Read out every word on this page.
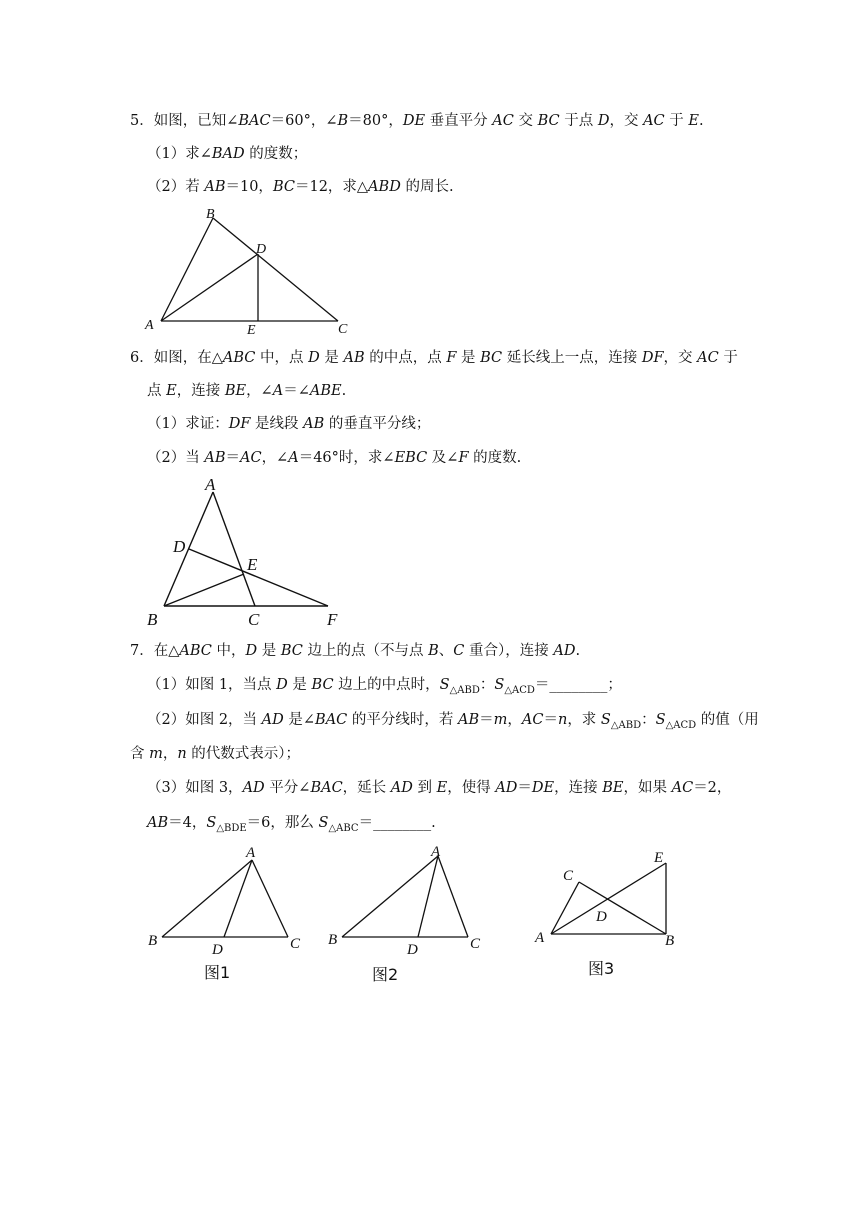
5．如图，已知∠BAC＝60°，∠B＝80°，DE 垂直平分 AC 交 BC 于点 D，交 AC 于 E.
（1）求∠BAD 的度数；
（2）若 AB＝10，BC＝12，求△ABD 的周长.
A
B
C
D
E
6．如图，在△ABC 中，点 D 是 AB 的中点，点 F 是 BC 延长线上一点，连接 DF，交 AC 于
点 E，连接 BE，∠A＝∠ABE.
（1）求证：DF 是线段 AB 的垂直平分线；
（2）当 AB＝AC，∠A＝46°时，求∠EBC 及∠F 的度数.
A
B	C
D
E
F
7．在△ABC 中，D 是 BC 边上的点（不与点 B、C 重合），连接 AD.
（1）如图 1，当点 D 是 BC 边上的中点时，$S_{\triangle ABD}$：$S_{\triangle ACD}=\_\_\_\_\_\_\_\_$；
（2）如图 2，当 AD 是∠BAC 的平分线时，若 AB＝m，AC＝n，求 $S_{\triangle ABD}$：$S_{\triangle ACD}$ 的值（用
含 m，n 的代数式表示）；
（3）如图 3，AD 平分∠BAC，延长 AD 到 E，使得 AD＝DE，连接 BE，如果 AC＝2，
AB＝4，$S_{\triangle BDE}=6$，那么 $S_{\triangle ABC}=\_\_\_\_\_\_\_\_$.
A
B	C
D
图1
A
B	C
D
图2
A	B
C
D
E
图3
